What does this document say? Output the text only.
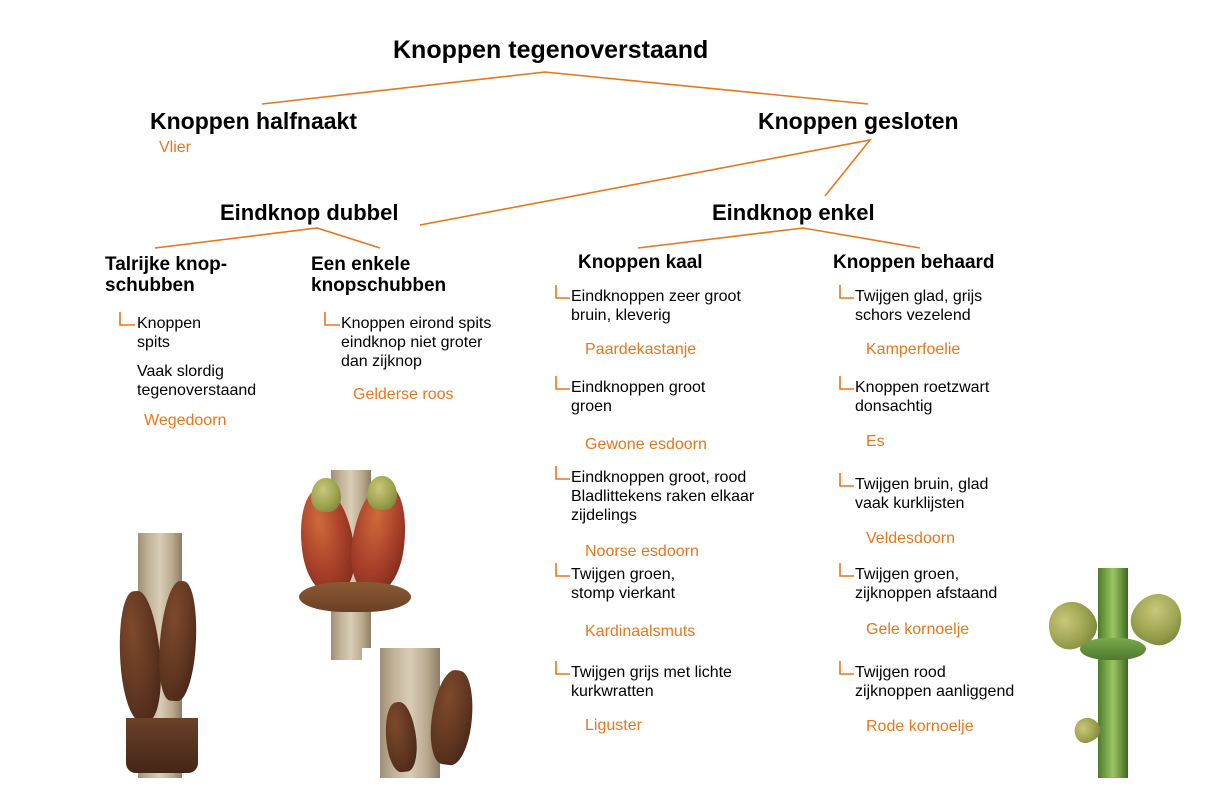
Knoppen tegenoverstaand
Knoppen halfnaakt
Vlier
Knoppen gesloten
Eindknop dubbel	Eindknop enkel
Talrijke knop-
schubben
Knoppen
spits
Vaak slordig
tegenoverstaand
Wegedoorn
Een enkele
knopschubben
Knoppen eirond spits
eindknop niet groter
dan zijknop
Gelderse roos
Knoppen kaal
Eindknoppen zeer groot
bruin, kleverig
Paardekastanje
Eindknoppen groot
groen
Gewone esdoorn
Eindknoppen groot, rood
Bladlittekens raken elkaar
zijdelings
Noorse esdoorn
Twijgen groen,
stomp vierkant
Kardinaalsmuts
Twijgen grijs met lichte
kurkwratten
Liguster
Knoppen behaard
Twijgen glad, grijs
schors vezelend
Kamperfoelie
Knoppen roetzwart
donsachtig
Es
Twijgen bruin, glad
vaak kurklijsten
Veldesdoorn
Twijgen groen,
zijknoppen afstaand
Gele kornoelje
Twijgen rood
zijknoppen aanliggend
Rode kornoelje
